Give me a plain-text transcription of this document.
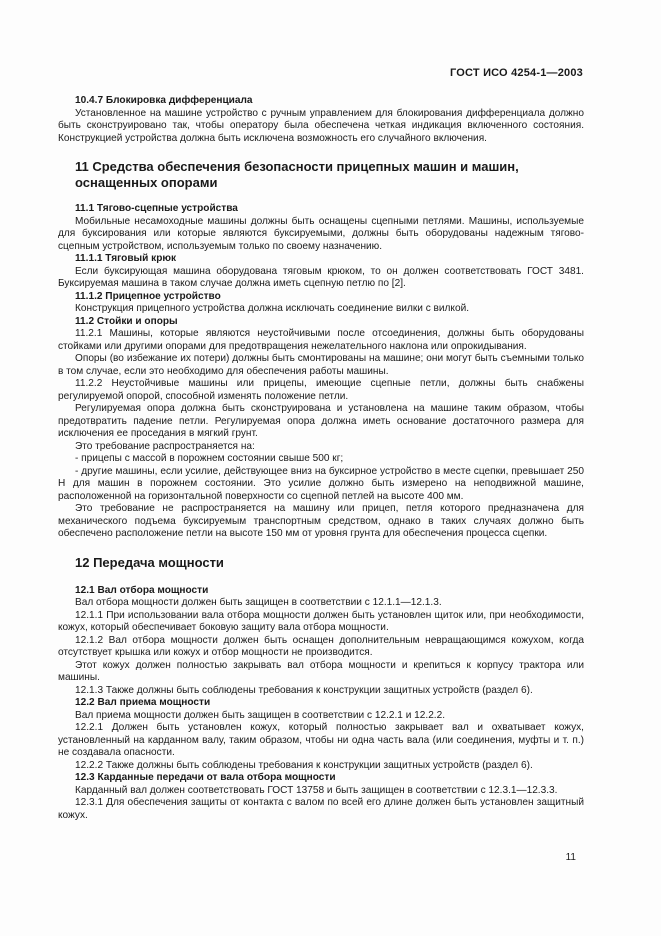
ГОСТ ИСО 4254-1—2003
10.4.7 Блокировка дифференциала

Установленное на машине устройство с ручным управлением для блокирования дифференциала должно быть сконструировано так, чтобы оператору была обеспечена четкая индикация включенного состояния. Конструкцией устройства должна быть исключена возможность его случайного включения.

11 Средства обеспечения безопасности прицепных машин и машин, оснащенных опорами
11.1 Тягово-сцепные устройства

Мобильные несамоходные машины должны быть оснащены сцепными петлями. Машины, используемые для буксирования или которые являются буксируемыми, должны быть оборудованы надежным тягово-сцепным устройством, используемым только по своему назначению.

11.1.1 Тяговый крюк

Если буксирующая машина оборудована тяговым крюком, то он должен соответствовать ГОСТ 3481. Буксируемая машина в таком случае должна иметь сцепную петлю по [2].

11.1.2 Прицепное устройство

Конструкция прицепного устройства должна исключать соединение вилки с вилкой.

11.2 Стойки и опоры

11.2.1 Машины, которые являются неустойчивыми после отсоединения, должны быть оборудованы стойками или другими опорами для предотвращения нежелательного наклона или опрокидывания.

Опоры (во избежание их потери) должны быть смонтированы на машине; они могут быть съемными только в том случае, если это необходимо для обеспечения работы машины.

11.2.2 Неустойчивые машины или прицепы, имеющие сцепные петли, должны быть снабжены регулируемой опорой, способной изменять положение петли.

Регулируемая опора должна быть сконструирована и установлена на машине таким образом, чтобы предотвратить падение петли. Регулируемая опора должна иметь основание достаточного размера для исключения ее проседания в мягкий грунт.

Это требование распространяется на:

- прицепы с массой в порожнем состоянии свыше 500 кг;

- другие машины, если усилие, действующее вниз на буксирное устройство в месте сцепки, превышает 250 Н для машин в порожнем состоянии. Это усилие должно быть измерено на неподвижной машине, расположенной на горизонтальной поверхности со сцепной петлей на высоте 400 мм.

Это требование не распространяется на машину или прицеп, петля которого предназначена для механического подъема буксируемым транспортным средством, однако в таких случаях должно быть обеспечено расположение петли на высоте 150 мм от уровня грунта для обеспечения процесса сцепки.

12 Передача мощности
12.1 Вал отбора мощности

Вал отбора мощности должен быть защищен в соответствии с 12.1.1—12.1.3.

12.1.1 При использовании вала отбора мощности должен быть установлен щиток или, при необходимости, кожух, который обеспечивает боковую защиту вала отбора мощности.

12.1.2 Вал отбора мощности должен быть оснащен дополнительным невращающимся кожухом, когда отсутствует крышка или кожух и отбор мощности не производится.

Этот кожух должен полностью закрывать вал отбора мощности и крепиться к корпусу трактора или машины.

12.1.3 Также должны быть соблюдены требования к конструкции защитных устройств (раздел 6).

12.2 Вал приема мощности

Вал приема мощности должен быть защищен в соответствии с 12.2.1 и 12.2.2.

12.2.1 Должен быть установлен кожух, который полностью закрывает вал и охватывает кожух, установленный на карданном валу, таким образом, чтобы ни одна часть вала (или соединения, муфты и т. п.) не создавала опасности.

12.2.2 Также должны быть соблюдены требования к конструкции защитных устройств (раздел 6).

12.3 Карданные передачи от вала отбора мощности

Карданный вал должен соответствовать ГОСТ 13758 и быть защищен в соответствии с 12.3.1—12.3.3.

12.3.1 Для обеспечения защиты от контакта с валом по всей его длине должен быть установлен защитный кожух.

11
